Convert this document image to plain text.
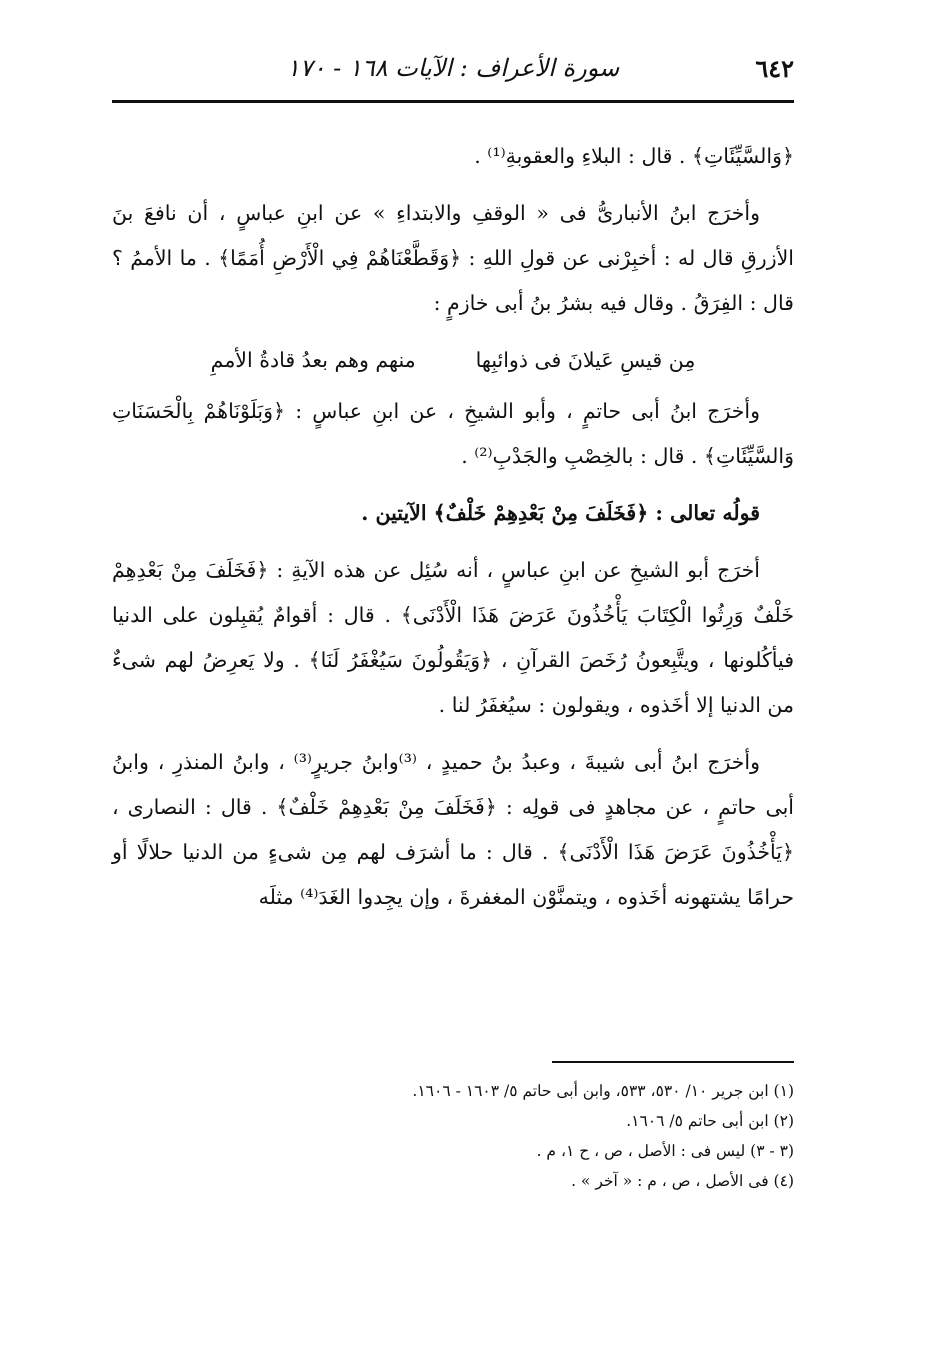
٦٤٢
سورة الأعراف : الآيات ١٦٨ - ١٧٠

﴿وَالسَّيِّئَاتِ﴾ . قال : البلاءِ والعقوبةِ⁽¹⁾ .

وأخرَج ابنُ الأنبارىُّ فى « الوقفِ والابتداءِ » عن ابنِ عباسٍ ، أن نافعَ بنَ الأزرقِ قال له : أخبِرْنى عن قولِ اللهِ : ﴿وَقَطَّعْنَاهُمْ فِي الْأَرْضِ أُمَمًا﴾ . ما الأممُ ؟ قال : الفِرَقُ . وقال فيه بشرُ بنُ أبى خازمٍ :

مِن قيسِ عَيلانَ فى ذوائبِهامنهم وهم بعدُ قادةُ الأممِ

وأخرَج ابنُ أبى حاتمٍ ، وأبو الشيخِ ، عن ابنِ عباسٍ : ﴿وَبَلَوْنَاهُمْ بِالْحَسَنَاتِ وَالسَّيِّئَاتِ﴾ . قال : بالخِصْبِ والجَدْبِ⁽²⁾ .

قولُه تعالى : ﴿فَخَلَفَ مِنْ بَعْدِهِمْ خَلْفٌ﴾ الآيتين .

أخرَج أبو الشيخِ عن ابنِ عباسٍ ، أنه سُئِل عن هذه الآيةِ : ﴿فَخَلَفَ مِنْ بَعْدِهِمْ خَلْفٌ وَرِثُوا الْكِتَابَ يَأْخُذُونَ عَرَضَ هَذَا الْأَدْنَى﴾ . قال : أقوامٌ يُقبِلون على الدنيا فيأكُلونها ، ويتَّبِعونُ رُخَصَ القرآنِ ، ﴿وَيَقُولُونَ سَيُغْفَرُ لَنَا﴾ . ولا يَعرِضُ لهم شىءٌ من الدنيا إلا أخَذوه ، ويقولون : سيُغفَرُ لنا .

وأخرَج ابنُ أبى شيبةَ ، وعبدُ بنُ حميدٍ ، ⁽³⁾وابنُ جريرٍ⁽³⁾ ، وابنُ المنذرِ ، وابنُ أبى حاتمٍ ، عن مجاهدٍ فى قولِه : ﴿فَخَلَفَ مِنْ بَعْدِهِمْ خَلْفٌ﴾ . قال : النصارى ، ﴿يَأْخُذُونَ عَرَضَ هَذَا الْأَدْنَى﴾ . قال : ما أشرَف لهم مِن شىءٍ من الدنيا حلالًا أو حرامًا يشتهونه أخَذوه ، ويتمنَّوْن المغفرةَ ، وإن يجِدوا الغَدَ⁽⁴⁾ مثلَه

(١) ابن جرير ١٠/ ٥٣٠، ٥٣٣، وابن أبى حاتم ٥/ ١٦٠٣ - ١٦٠٦.

(٢) ابن أبى حاتم ٥/ ١٦٠٦.

(٣ - ٣) ليس فى : الأصل ، ص ، ح ١، م .

(٤) فى الأصل ، ص ، م : « آخر » .
